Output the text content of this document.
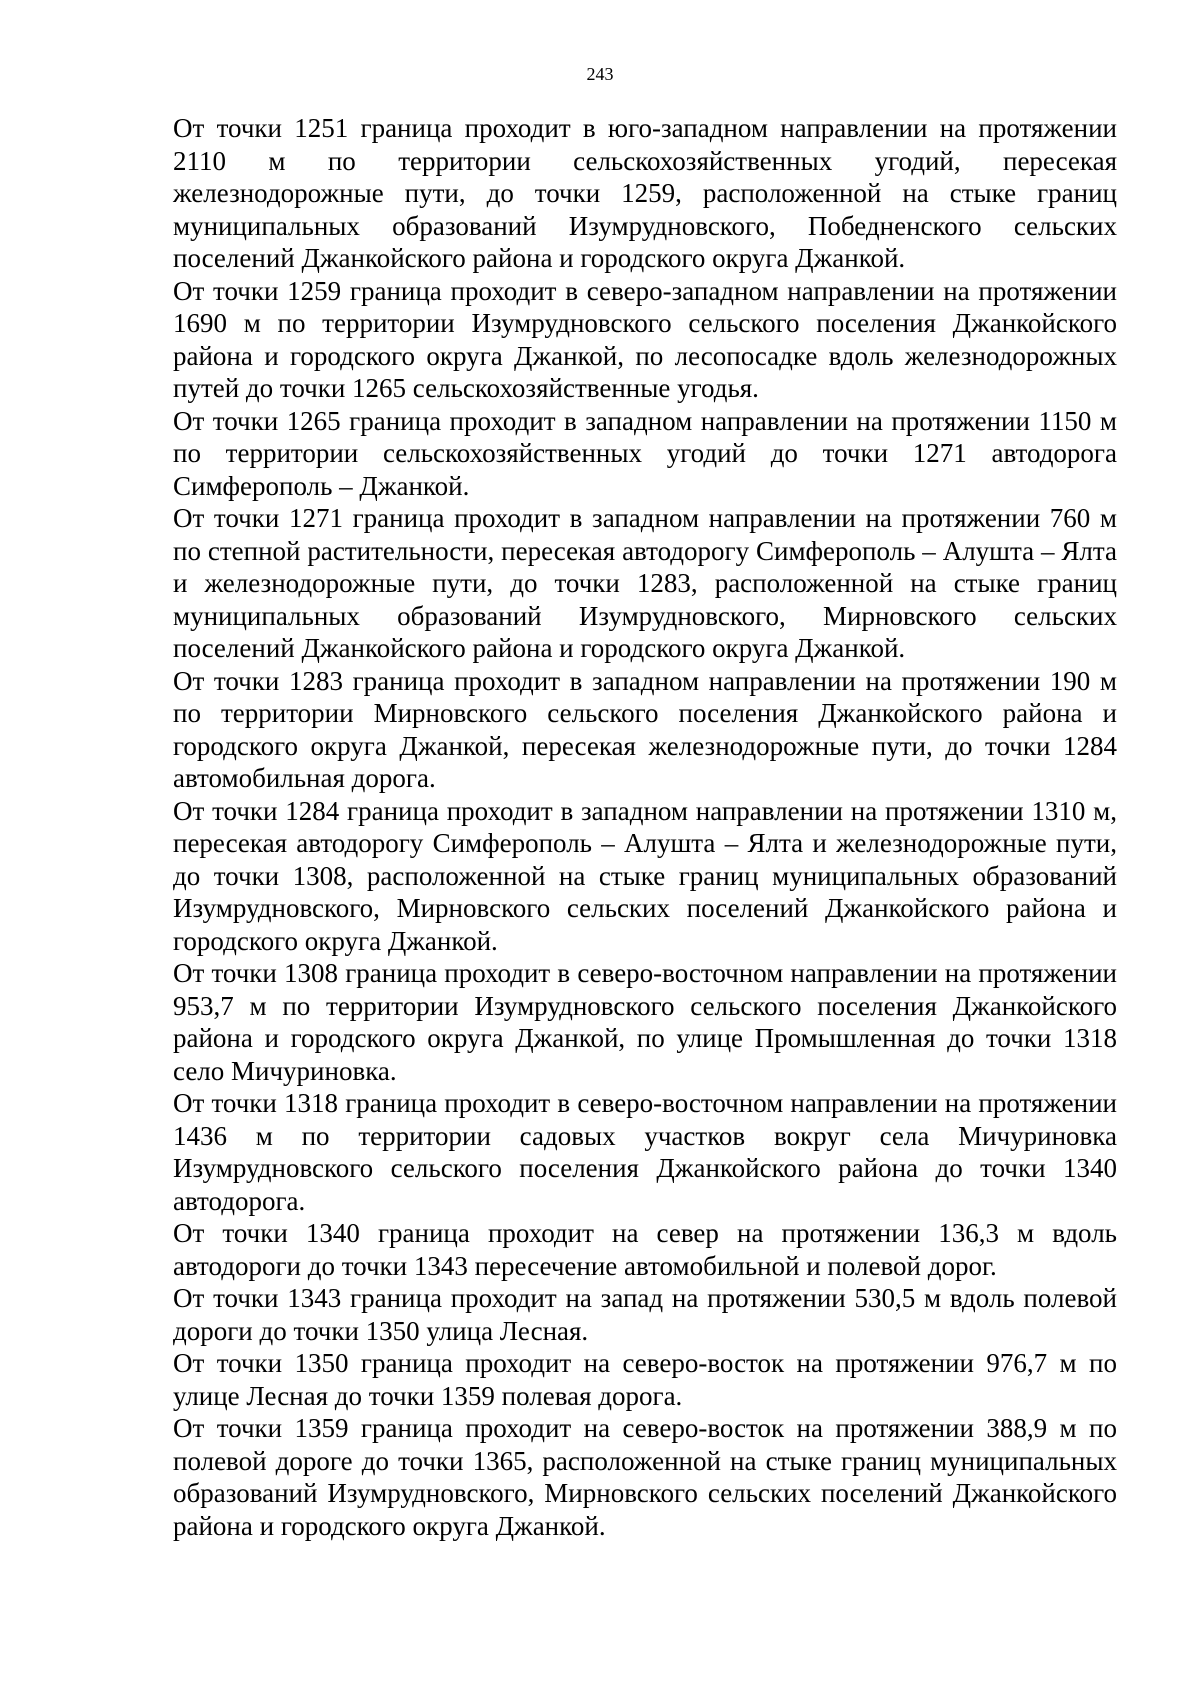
243

От точки 1251 граница проходит в юго-западном направлении на протяжении 2110 м по территории сельскохозяйственных угодий, пересекая железнодорожные пути, до точки 1259, расположенной на стыке границ муниципальных образований Изумрудновского, Победненского сельских поселений Джанкойского района и городского округа Джанкой.

От точки 1259 граница проходит в северо-западном направлении на протяжении 1690 м по территории Изумрудновского сельского поселения Джанкойского района и городского округа Джанкой, по лесопосадке вдоль железнодорожных путей до точки 1265 сельскохозяйственные угодья.

От точки 1265 граница проходит в западном направлении на протяжении 1150 м по территории сельскохозяйственных угодий до точки 1271 автодорога Симферополь – Джанкой.

От точки 1271 граница проходит в западном направлении на протяжении 760 м по степной растительности, пересекая автодорогу Симферополь – Алушта – Ялта и железнодорожные пути, до точки 1283, расположенной на стыке границ муниципальных образований Изумрудновского, Мирновского сельских поселений Джанкойского района и городского округа Джанкой.

От точки 1283 граница проходит в западном направлении на протяжении 190 м по территории Мирновского сельского поселения Джанкойского района и городского округа Джанкой, пересекая железнодорожные пути, до точки 1284 автомобильная дорога.

От точки 1284 граница проходит в западном направлении на протяжении 1310 м, пересекая автодорогу Симферополь – Алушта – Ялта и железнодорожные пути, до точки 1308, расположенной на стыке границ муниципальных образований Изумрудновского, Мирновского сельских поселений Джанкойского района и городского округа Джанкой.

От точки 1308 граница проходит в северо-восточном направлении на протяжении 953,7 м по территории Изумрудновского сельского поселения Джанкойского района и городского округа Джанкой, по улице Промышленная до точки 1318 село Мичуриновка.

От точки 1318 граница проходит в северо-восточном направлении на протяжении 1436 м по территории садовых участков вокруг села Мичуриновка Изумрудновского сельского поселения Джанкойского района до точки 1340 автодорога.

От точки 1340 граница проходит на север на протяжении 136,3 м вдоль автодороги до точки 1343 пересечение автомобильной и полевой дорог.

От точки 1343 граница проходит на запад на протяжении 530,5 м вдоль полевой дороги до точки 1350 улица Лесная.

От точки 1350 граница проходит на северо-восток на протяжении 976,7 м по улице Лесная до точки 1359 полевая дорога.

От точки 1359 граница проходит на северо-восток на протяжении 388,9 м по полевой дороге до точки 1365, расположенной на стыке границ муниципальных образований Изумрудновского, Мирновского сельских поселений Джанкойского района и городского округа Джанкой.
